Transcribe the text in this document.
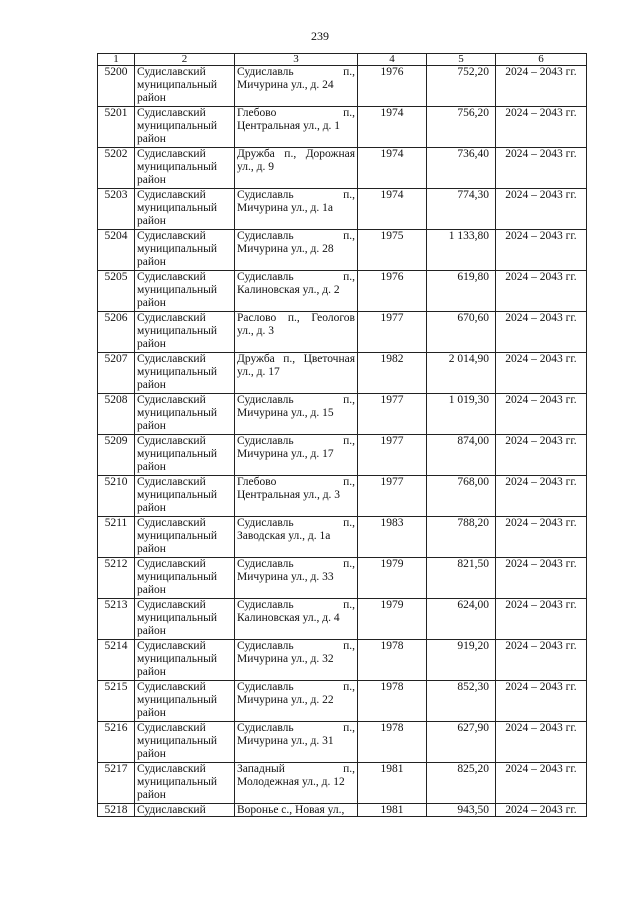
239
1	2	3	4	5	6
5200	Судиславский муниципальный район	Судиславль п., Мичурина ул., д. 24	1976	752,20	2024 – 2043 гг.
5201	Судиславский муниципальный район	Глебово п., Центральная ул., д. 1	1974	756,20	2024 – 2043 гг.
5202	Судиславский муниципальный район	Дружба п., Дорожная ул., д. 9	1974	736,40	2024 – 2043 гг.
5203	Судиславский муниципальный район	Судиславль п., Мичурина ул., д. 1а	1974	774,30	2024 – 2043 гг.
5204	Судиславский муниципальный район	Судиславль п., Мичурина ул., д. 28	1975	1 133,80	2024 – 2043 гг.
5205	Судиславский муниципальный район	Судиславль п., Калиновская ул., д. 2	1976	619,80	2024 – 2043 гг.
5206	Судиславский муниципальный район	Раслово п., Геологов ул., д. 3	1977	670,60	2024 – 2043 гг.
5207	Судиславский муниципальный район	Дружба п., Цветочная ул., д. 17	1982	2 014,90	2024 – 2043 гг.
5208	Судиславский муниципальный район	Судиславль п., Мичурина ул., д. 15	1977	1 019,30	2024 – 2043 гг.
5209	Судиславский муниципальный район	Судиславль п., Мичурина ул., д. 17	1977	874,00	2024 – 2043 гг.
5210	Судиславский муниципальный район	Глебово п., Центральная ул., д. 3	1977	768,00	2024 – 2043 гг.
5211	Судиславский муниципальный район	Судиславль п., Заводская ул., д. 1а	1983	788,20	2024 – 2043 гг.
5212	Судиславский муниципальный район	Судиславль п., Мичурина ул., д. 33	1979	821,50	2024 – 2043 гг.
5213	Судиславский муниципальный район	Судиславль п., Калиновская ул., д. 4	1979	624,00	2024 – 2043 гг.
5214	Судиславский муниципальный район	Судиславль п., Мичурина ул., д. 32	1978	919,20	2024 – 2043 гг.
5215	Судиславский муниципальный район	Судиславль п., Мичурина ул., д. 22	1978	852,30	2024 – 2043 гг.
5216	Судиславский муниципальный район	Судиславль п., Мичурина ул., д. 31	1978	627,90	2024 – 2043 гг.
5217	Судиславский муниципальный район	Западный п., Молодежная ул., д. 12	1981	825,20	2024 – 2043 гг.
5218	Судиславский	Воронье с., Новая ул.,	1981	943,50	2024 – 2043 гг.
